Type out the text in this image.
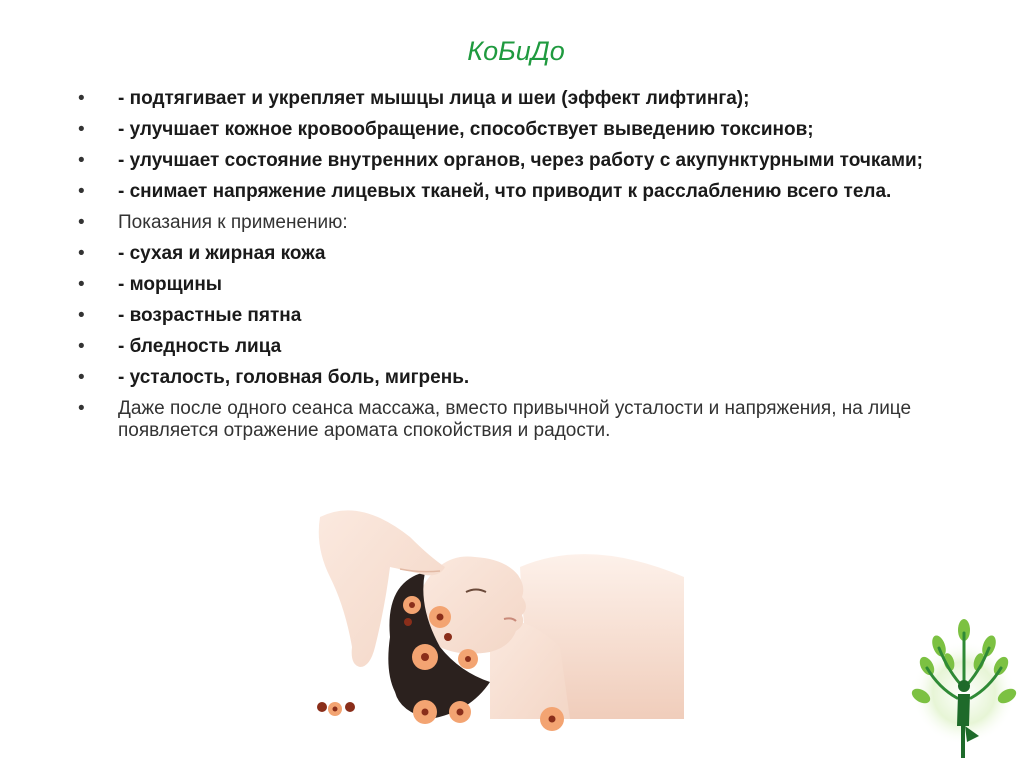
КоБиДо
•	- подтягивает и укрепляет мышцы лица и шеи (эффект лифтинга);
•	- улучшает кожное кровообращение, способствует выведению токсинов;
•	- улучшает состояние внутренних органов, через работу с акупунктурными точками;
•	- снимает напряжение лицевых тканей, что приводит к расслаблению всего тела.
•	Показания к применению:
•	- сухая и жирная кожа
•	- морщины
•	- возрастные пятна
•	- бледность лица
•	- усталость, головная боль, мигрень.
•	Даже после одного сеанса массажа, вместо привычной усталости и напряжения, на лице появляется отражение аромата спокойствия и радости.
